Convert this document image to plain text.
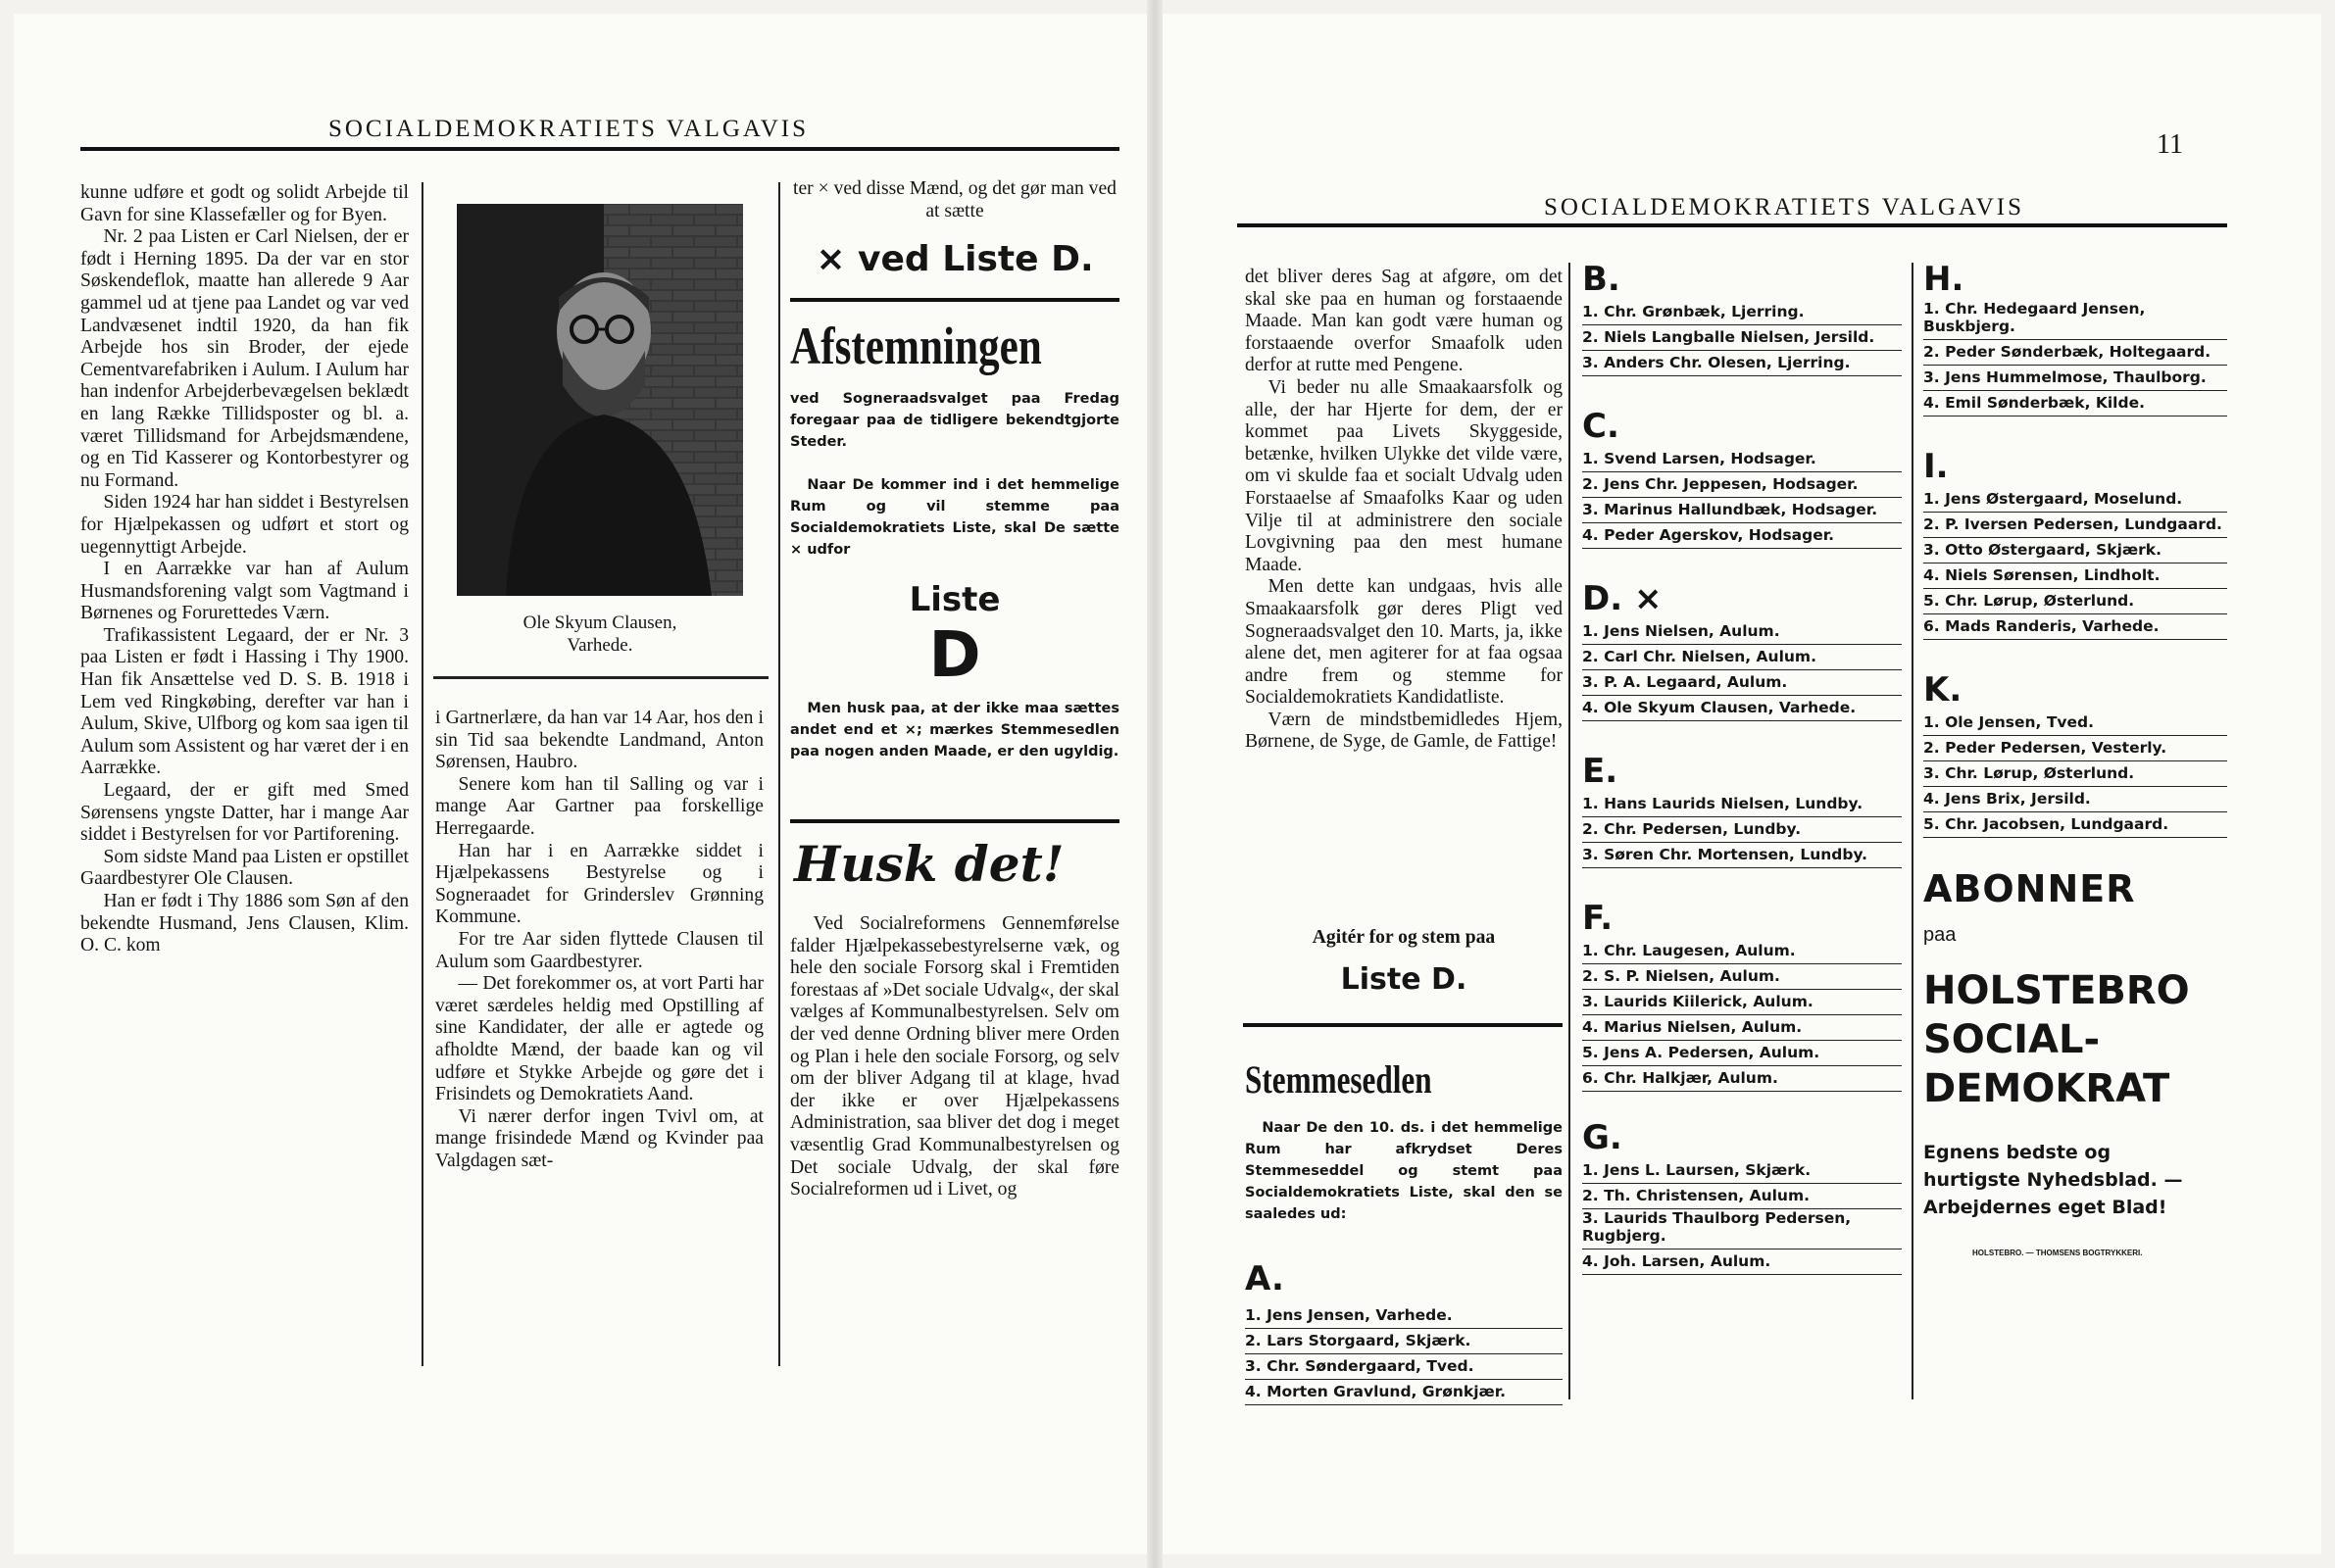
SOCIALDEMOKRATIETS VALGAVIS

kunne udføre et godt og solidt Arbejde til Gavn for sine Klassefæller og for Byen.

Nr. 2 paa Listen er Carl Nielsen, der er født i Herning 1895. Da der var en stor Søskendeflok, maatte han allerede 9 Aar gammel ud at tjene paa Landet og var ved Landvæsenet indtil 1920, da han fik Arbejde hos sin Broder, der ejede Cementvarefabriken i Aulum. I Aulum har han indenfor Arbejderbevægelsen beklædt en lang Række Tillidsposter og bl. a. været Tillidsmand for Arbejdsmændene, og en Tid Kasserer og Kontorbestyrer og nu Formand.

Siden 1924 har han siddet i Bestyrelsen for Hjælpekassen og udført et stort og uegennyttigt Arbejde.

I en Aarrække var han af Aulum Husmandsforening valgt som Vagtmand i Børnenes og Forurettedes Værn.

Trafikassistent Legaard, der er Nr. 3 paa Listen er født i Hassing i Thy 1900. Han fik Ansættelse ved D. S. B. 1918 i Lem ved Ringkøbing, derefter var han i Aulum, Skive, Ulfborg og kom saa igen til Aulum som Assistent og har været der i en Aarrække.

Legaard, der er gift med Smed Sørensens yngste Datter, har i mange Aar siddet i Bestyrelsen for vor Partiforening.

Som sidste Mand paa Listen er opstillet Gaardbestyrer Ole Clausen.

Han er født i Thy 1886 som Søn af den bekendte Husmand, Jens Clausen, Klim. O. C. kom

Ole Skyum Clausen,
Varhede.

i Gartnerlære, da han var 14 Aar, hos den i sin Tid saa bekendte Landmand, Anton Sørensen, Haubro.

Senere kom han til Salling og var i mange Aar Gartner paa forskellige Herregaarde.

Han har i en Aarrække siddet i Hjælpekassens Bestyrelse og i Sogneraadet for Grinderslev Grønning Kommune.

For tre Aar siden flyttede Clausen til Aulum som Gaardbestyrer.

— Det forekommer os, at vort Parti har været særdeles heldig med Opstilling af sine Kandidater, der alle er agtede og afholdte Mænd, der baade kan og vil udføre et Stykke Arbejde og gøre det i Frisindets og Demokratiets Aand.

Vi nærer derfor ingen Tvivl om, at mange frisindede Mænd og Kvinder paa Valgdagen sæt-

ter × ved disse Mænd, og det gør man ved at sætte

× ved Liste D.
Afstemningen
ved Sogneraadsvalget paa Fredag foregaar paa de tidligere bekendtgjorte Steder.
Naar De kommer ind i det hemmelige Rum og vil stemme paa Socialdemokratiets Liste, skal De sætte × udfor
Liste
D
Men husk paa, at der ikke maa sættes andet end et ×; mærkes Stemmesedlen paa nogen anden Maade, er den ugyldig.
Husk det!

Ved Socialreformens Gennemførelse falder Hjælpekassebestyrelserne væk, og hele den sociale Forsorg skal i Fremtiden forestaas af »Det sociale Udvalg«, der skal vælges af Kommunalbestyrelsen. Selv om der ved denne Ordning bliver mere Orden og Plan i hele den sociale Forsorg, og selv om der bliver Adgang til at klage, hvad der ikke er over Hjælpekassens Administration, saa bliver det dog i meget væsentlig Grad Kommunalbestyrelsen og Det sociale Udvalg, der skal føre Socialreformen ud i Livet, og

11
SOCIALDEMOKRATIETS VALGAVIS

det bliver deres Sag at afgøre, om det skal ske paa en human og forstaaende Maade. Man kan godt være human og forstaaende overfor Smaafolk uden derfor at rutte med Pengene.

Vi beder nu alle Smaakaarsfolk og alle, der har Hjerte for dem, der er kommet paa Livets Skyggeside, betænke, hvilken Ulykke det vilde være, om vi skulde faa et socialt Udvalg uden Forstaaelse af Smaafolks Kaar og uden Vilje til at administrere den sociale Lovgivning paa den mest humane Maade.

Men dette kan undgaas, hvis alle Smaakaarsfolk gør deres Pligt ved Sogneraadsvalget den 10. Marts, ja, ikke alene det, men agiterer for at faa ogsaa andre frem og stemme for Socialdemokratiets Kandidatliste.

Værn de mindstbemidledes Hjem, Børnene, de Syge, de Gamle, de Fattige!

Agitér for og stem paa
Liste D.
Stemmesedlen
Naar De den 10. ds. i det hemmelige Rum har afkrydset Deres Stemmeseddel og stemt paa Socialdemokratiets Liste, skal den se saaledes ud:
A.
1. Jens Jensen, Varhede.
2. Lars Storgaard, Skjærk.
3. Chr. Søndergaard, Tved.
4. Morten Gravlund, Grønkjær.
B.
1. Chr. Grønbæk, Ljerring.
2. Niels Langballe Nielsen, Jersild.
3. Anders Chr. Olesen, Ljerring.
C.
1. Svend Larsen, Hodsager.
2. Jens Chr. Jeppesen, Hodsager.
3. Marinus Hallundbæk, Hodsager.
4. Peder Agerskov, Hodsager.
D. ×
1. Jens Nielsen, Aulum.
2. Carl Chr. Nielsen, Aulum.
3. P. A. Legaard, Aulum.
4. Ole Skyum Clausen, Varhede.
E.
1. Hans Laurids Nielsen, Lundby.
2. Chr. Pedersen, Lundby.
3. Søren Chr. Mortensen, Lundby.
F.
1. Chr. Laugesen, Aulum.
2. S. P. Nielsen, Aulum.
3. Laurids Kiilerick, Aulum.
4. Marius Nielsen, Aulum.
5. Jens A. Pedersen, Aulum.
6. Chr. Halkjær, Aulum.
G.
1. Jens L. Laursen, Skjærk.
2. Th. Christensen, Aulum.
3. Laurids Thaulborg Pedersen, Rugbjerg.
4. Joh. Larsen, Aulum.
H.
1. Chr. Hedegaard Jensen, Buskbjerg.
2. Peder Sønderbæk, Holtegaard.
3. Jens Hummelmose, Thaulborg.
4. Emil Sønderbæk, Kilde.
I.
1. Jens Østergaard, Moselund.
2. P. Iversen Pedersen, Lundgaard.
3. Otto Østergaard, Skjærk.
4. Niels Sørensen, Lindholt.
5. Chr. Lørup, Østerlund.
6. Mads Randeris, Varhede.
K.
1. Ole Jensen, Tved.
2. Peder Pedersen, Vesterly.
3. Chr. Lørup, Østerlund.
4. Jens Brix, Jersild.
5. Chr. Jacobsen, Lundgaard.
ABONNER
paa
HOLSTEBRO
SOCIAL-
DEMOKRAT
Egnens bedste og hurtigste Nyhedsblad. — Arbejdernes eget Blad!
HOLSTEBRO. — THOMSENS BOGTRYKKERI.
